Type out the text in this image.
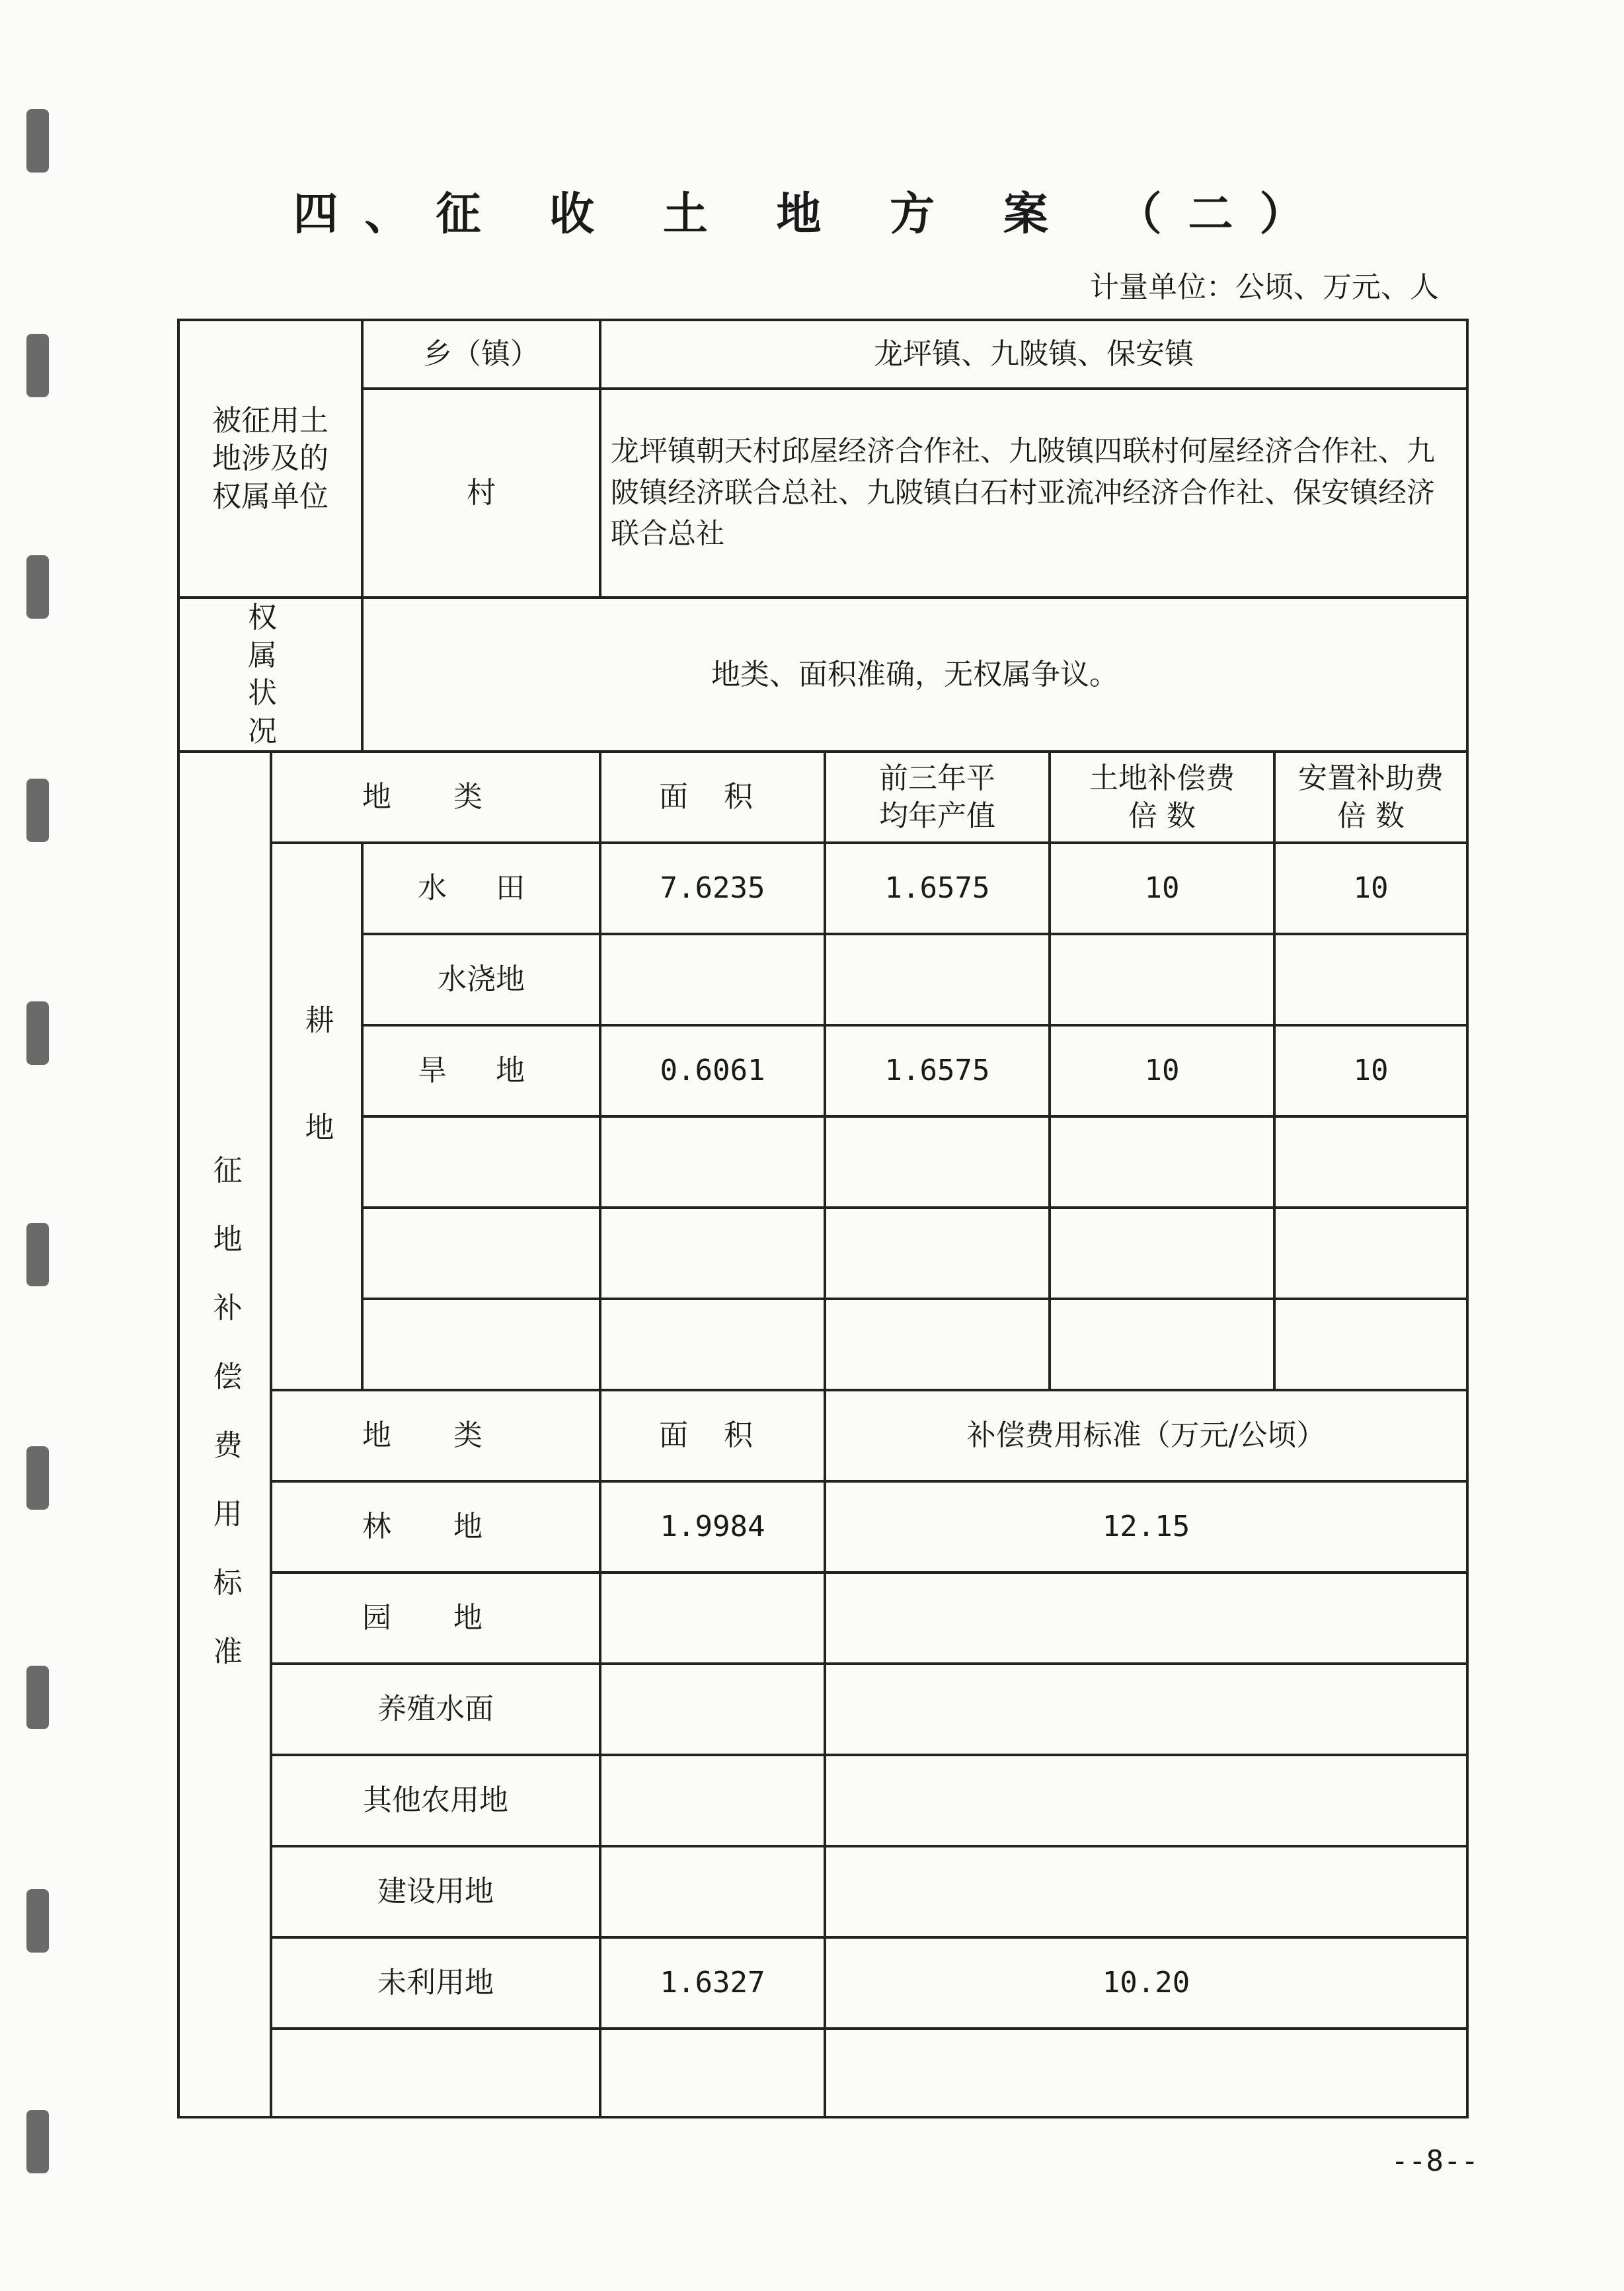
四、征 收 土 地 方 案 （二）
计量单位：公顷、万元、人
被征用土地涉及的权属单位		乡（镇）	龙坪镇、九陂镇、保安镇			
		村	龙坪镇朝天村邱屋经济合作社、九陂镇四联村何屋经济合作社、九陂镇经济联合总社、九陂镇白石村亚流冲经济合作社、保安镇经济联合总社			
权 属 状 况		地类、面积准确，无权属争议。				
征地补偿费用标准	地 类		面 积	前三年平均年产值	土地补偿费倍 数	安置补助费倍 数
	耕地	水 田	7.6235	1.6575	10	10
		水浇地				
		旱 地	0.6061	1.6575	10	10

	地 类		面 积	补偿费用标准（万元/公顷）		
	林 地		1.9984	12.15		
	园 地					
	养殖水面					
	其他农用地					
	建设用地					
	未利用地		1.6327	10.20		

--8--
